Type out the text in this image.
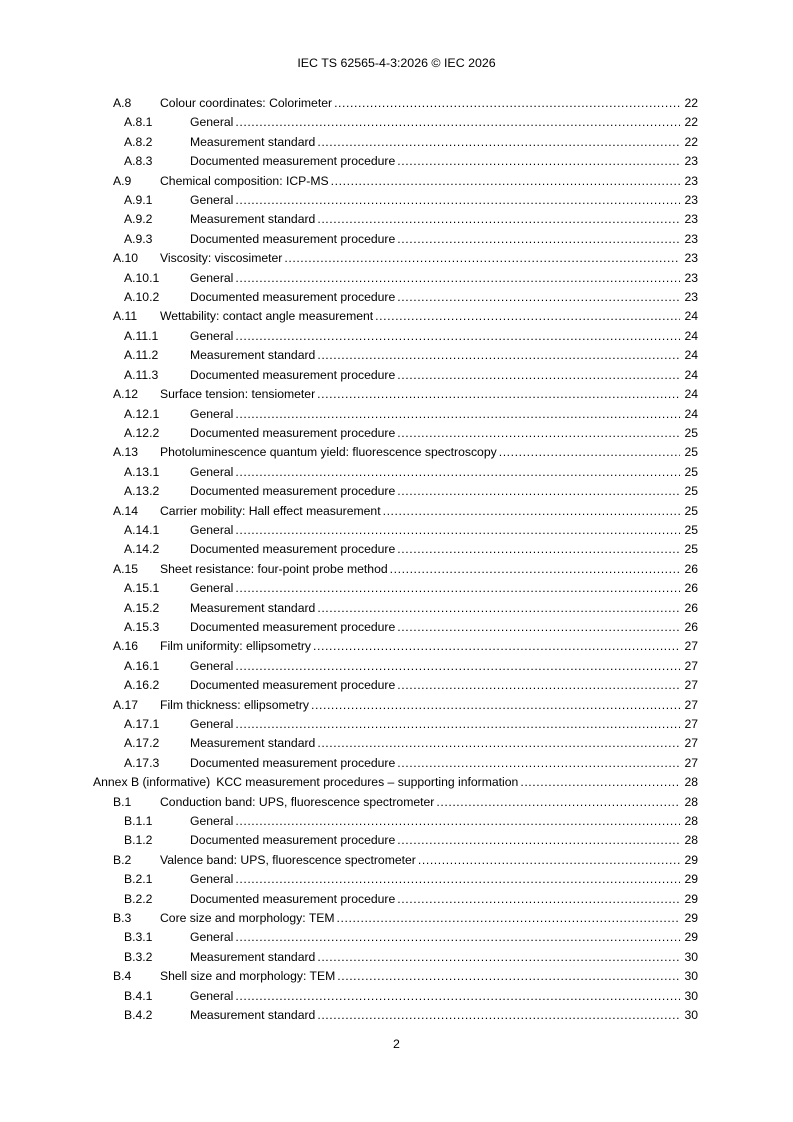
IEC TS 62565-4-3:2026 © IEC 2026
A.8	Colour coordinates: Colorimeter .....	22
A.8.1	General .....	22
A.8.2	Measurement standard .....	22
A.8.3	Documented measurement procedure .....	23
A.9	Chemical composition: ICP-MS .....	23
A.9.1	General .....	23
A.9.2	Measurement standard .....	23
A.9.3	Documented measurement procedure .....	23
A.10	Viscosity: viscosimeter .....	23
A.10.1	General .....	23
A.10.2	Documented measurement procedure .....	23
A.11	Wettability: contact angle measurement .....	24
A.11.1	General .....	24
A.11.2	Measurement standard .....	24
A.11.3	Documented measurement procedure .....	24
A.12	Surface tension: tensiometer .....	24
A.12.1	General .....	24
A.12.2	Documented measurement procedure .....	25
A.13	Photoluminescence quantum yield: fluorescence spectroscopy .....	25
A.13.1	General .....	25
A.13.2	Documented measurement procedure .....	25
A.14	Carrier mobility: Hall effect measurement .....	25
A.14.1	General .....	25
A.14.2	Documented measurement procedure .....	25
A.15	Sheet resistance: four-point probe method .....	26
A.15.1	General .....	26
A.15.2	Measurement standard .....	26
A.15.3	Documented measurement procedure .....	26
A.16	Film uniformity: ellipsometry .....	27
A.16.1	General .....	27
A.16.2	Documented measurement procedure .....	27
A.17	Film thickness: ellipsometry .....	27
A.17.1	General .....	27
A.17.2	Measurement standard .....	27
A.17.3	Documented measurement procedure .....	27
Annex B (informative) KCC measurement procedures – supporting information .....	28
B.1	Conduction band: UPS, fluorescence spectrometer .....	28
B.1.1	General .....	28
B.1.2	Documented measurement procedure .....	28
B.2	Valence band: UPS, fluorescence spectrometer .....	29
B.2.1	General .....	29
B.2.2	Documented measurement procedure .....	29
B.3	Core size and morphology: TEM .....	29
B.3.1	General .....	29
B.3.2	Measurement standard .....	30
B.4	Shell size and morphology: TEM .....	30
B.4.1	General .....	30
B.4.2	Measurement standard .....	30
2
